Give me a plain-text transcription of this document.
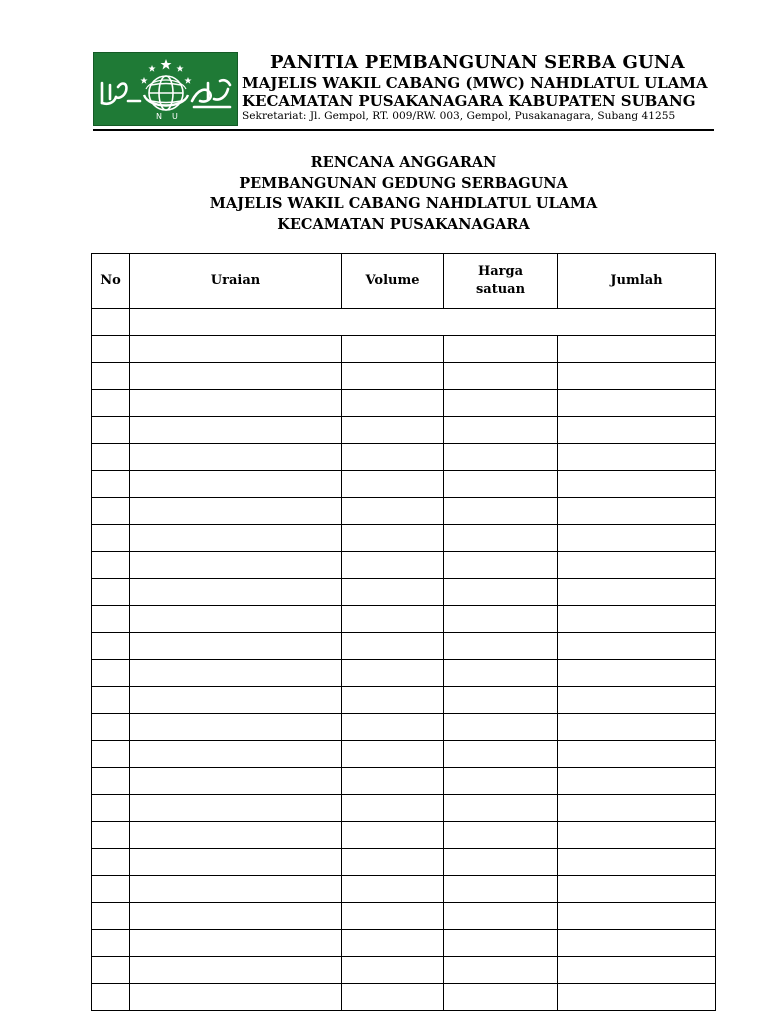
N U
PANITIA PEMBANGUNAN SERBA GUNA
MAJELIS WAKIL CABANG (MWC) NAHDLATUL ULAMA
KECAMATAN PUSAKANAGARA KABUPATEN SUBANG
Sekretariat: Jl. Gempol, RT. 009/RW. 003, Gempol, Pusakanagara, Subang 41255
RENCANA ANGGARAN
PEMBANGUNAN GEDUNG SERBAGUNA
MAJELIS WAKIL CABANG NAHDLATUL ULAMA
KECAMATAN PUSAKANAGARA
No	Uraian	Volume	Harga satuan	Jumlah
